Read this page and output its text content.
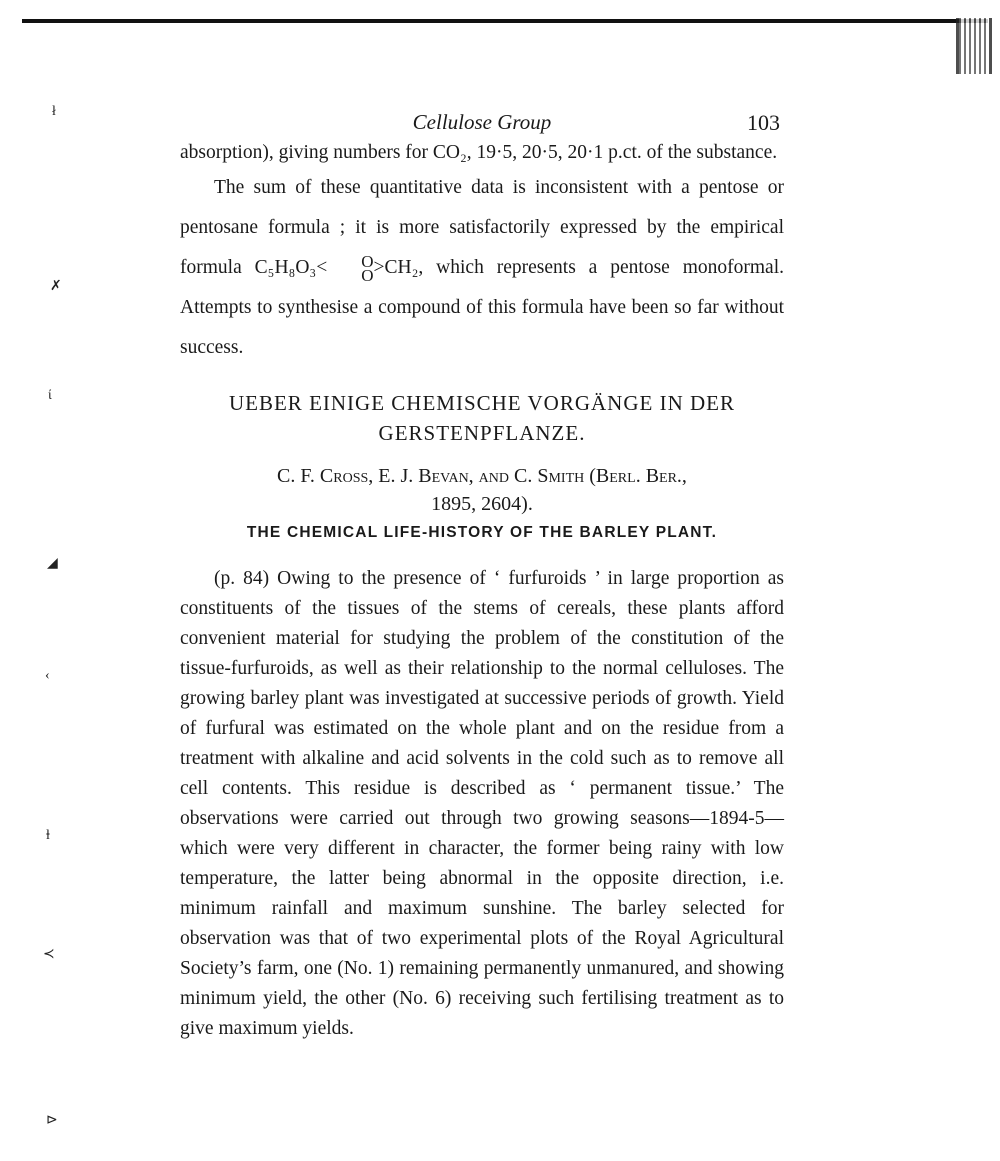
ł
✗
ί
◢
‹
ⱡ
≺
⊳
Cellulose Group	103

absorption), giving numbers for CO₂, 19·5, 20·5, 20·1 p.ct. of the substance.

The sum of these quantitative data is inconsistent with a pentose or pentosane formula ; it is more satisfactorily expressed by the empirical formula C₅H₈O₃<	O
O >CH₂, which represents a pentose monoformal. Attempts to synthesise a compound of this formula have been so far without success.

UEBER EINIGE CHEMISCHE VORGÄNGE IN DER
GERSTENPFLANZE.
C. F. Cross, E. J. Bevan, and C. Smith (Berl. Ber.,
1895, 2604).
THE CHEMICAL LIFE-HISTORY OF THE BARLEY PLANT.

(p. 84) Owing to the presence of ‘ furfuroids ’ in large proportion as constituents of the tissues of the stems of cereals, these plants afford convenient material for studying the problem of the constitution of the tissue-furfuroids, as well as their relationship to the normal celluloses. The growing barley plant was investigated at successive periods of growth. Yield of furfural was estimated on the whole plant and on the residue from a treatment with alkaline and acid solvents in the cold such as to remove all cell contents. This residue is described as ‘ permanent tissue.’ The observations were carried out through two growing seasons—1894-5—which were very different in character, the former being rainy with low temperature, the latter being abnormal in the opposite direction, i.e. minimum rainfall and maximum sunshine. The barley selected for observation was that of two experimental plots of the Royal Agricultural Society’s farm, one (No. 1) remaining permanently unmanured, and showing minimum yield, the other (No. 6) receiving such fertilising treatment as to give maximum yields.
